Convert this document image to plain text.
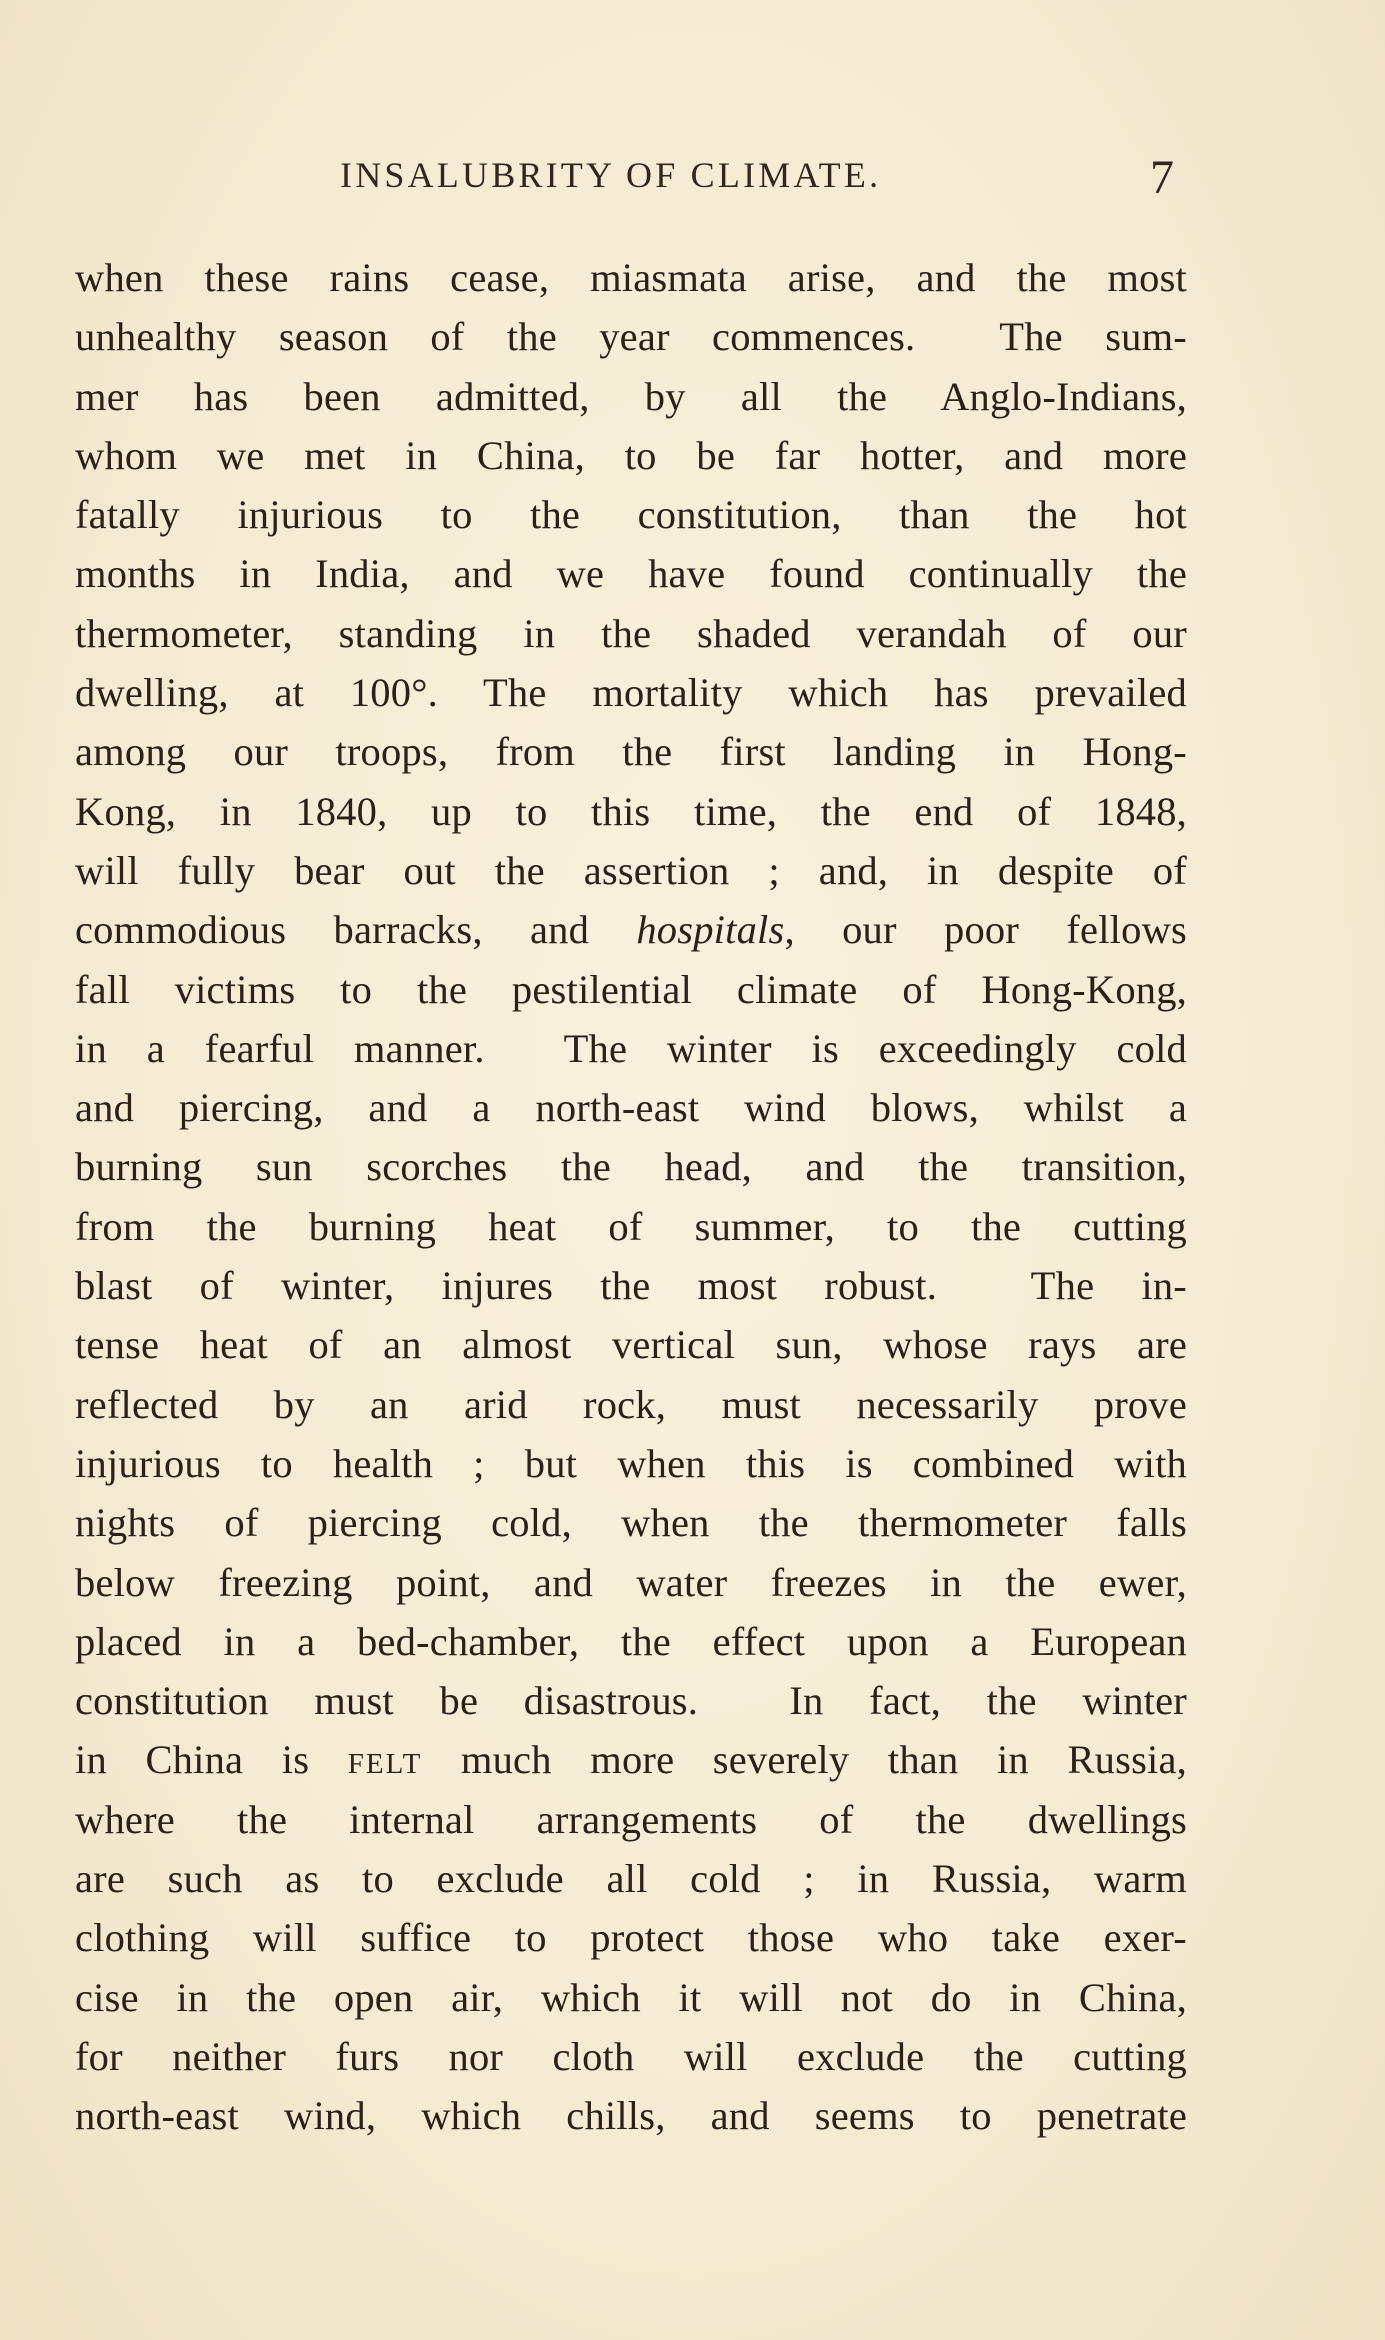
INSALUBRITY OF CLIMATE.	7
when these rains cease, miasmata arise, and the most
unhealthy season of the year commences.  The sum-
mer has been admitted, by all the Anglo-Indians,
whom we met in China, to be far hotter, and more
fatally injurious to the constitution, than the hot
months in India, and we have found continually the
thermometer, standing in the shaded verandah of our
dwelling, at 100°. The mortality which has prevailed
among our troops, from the first landing in Hong-
Kong, in 1840, up to this time, the end of 1848,
will fully bear out the assertion ; and, in despite of
commodious barracks, and hospitals, our poor fellows
fall victims to the pestilential climate of Hong-Kong,
in a fearful manner.  The winter is exceedingly cold
and piercing, and a north-east wind blows, whilst a
burning sun scorches the head, and the transition,
from the burning heat of summer, to the cutting
blast of winter, injures the most robust.  The in-
tense heat of an almost vertical sun, whose rays are
reflected by an arid rock, must necessarily prove
injurious to health ; but when this is combined with
nights of piercing cold, when the thermometer falls
below freezing point, and water freezes in the ewer,
placed in a bed-chamber, the effect upon a European
constitution must be disastrous.  In fact, the winter
in China is FELT much more severely than in Russia,
where the internal arrangements of the dwellings
are such as to exclude all cold ; in Russia, warm
clothing will suffice to protect those who take exer-
cise in the open air, which it will not do in China,
for neither furs nor cloth will exclude the cutting
north-east wind, which chills, and seems to penetrate
